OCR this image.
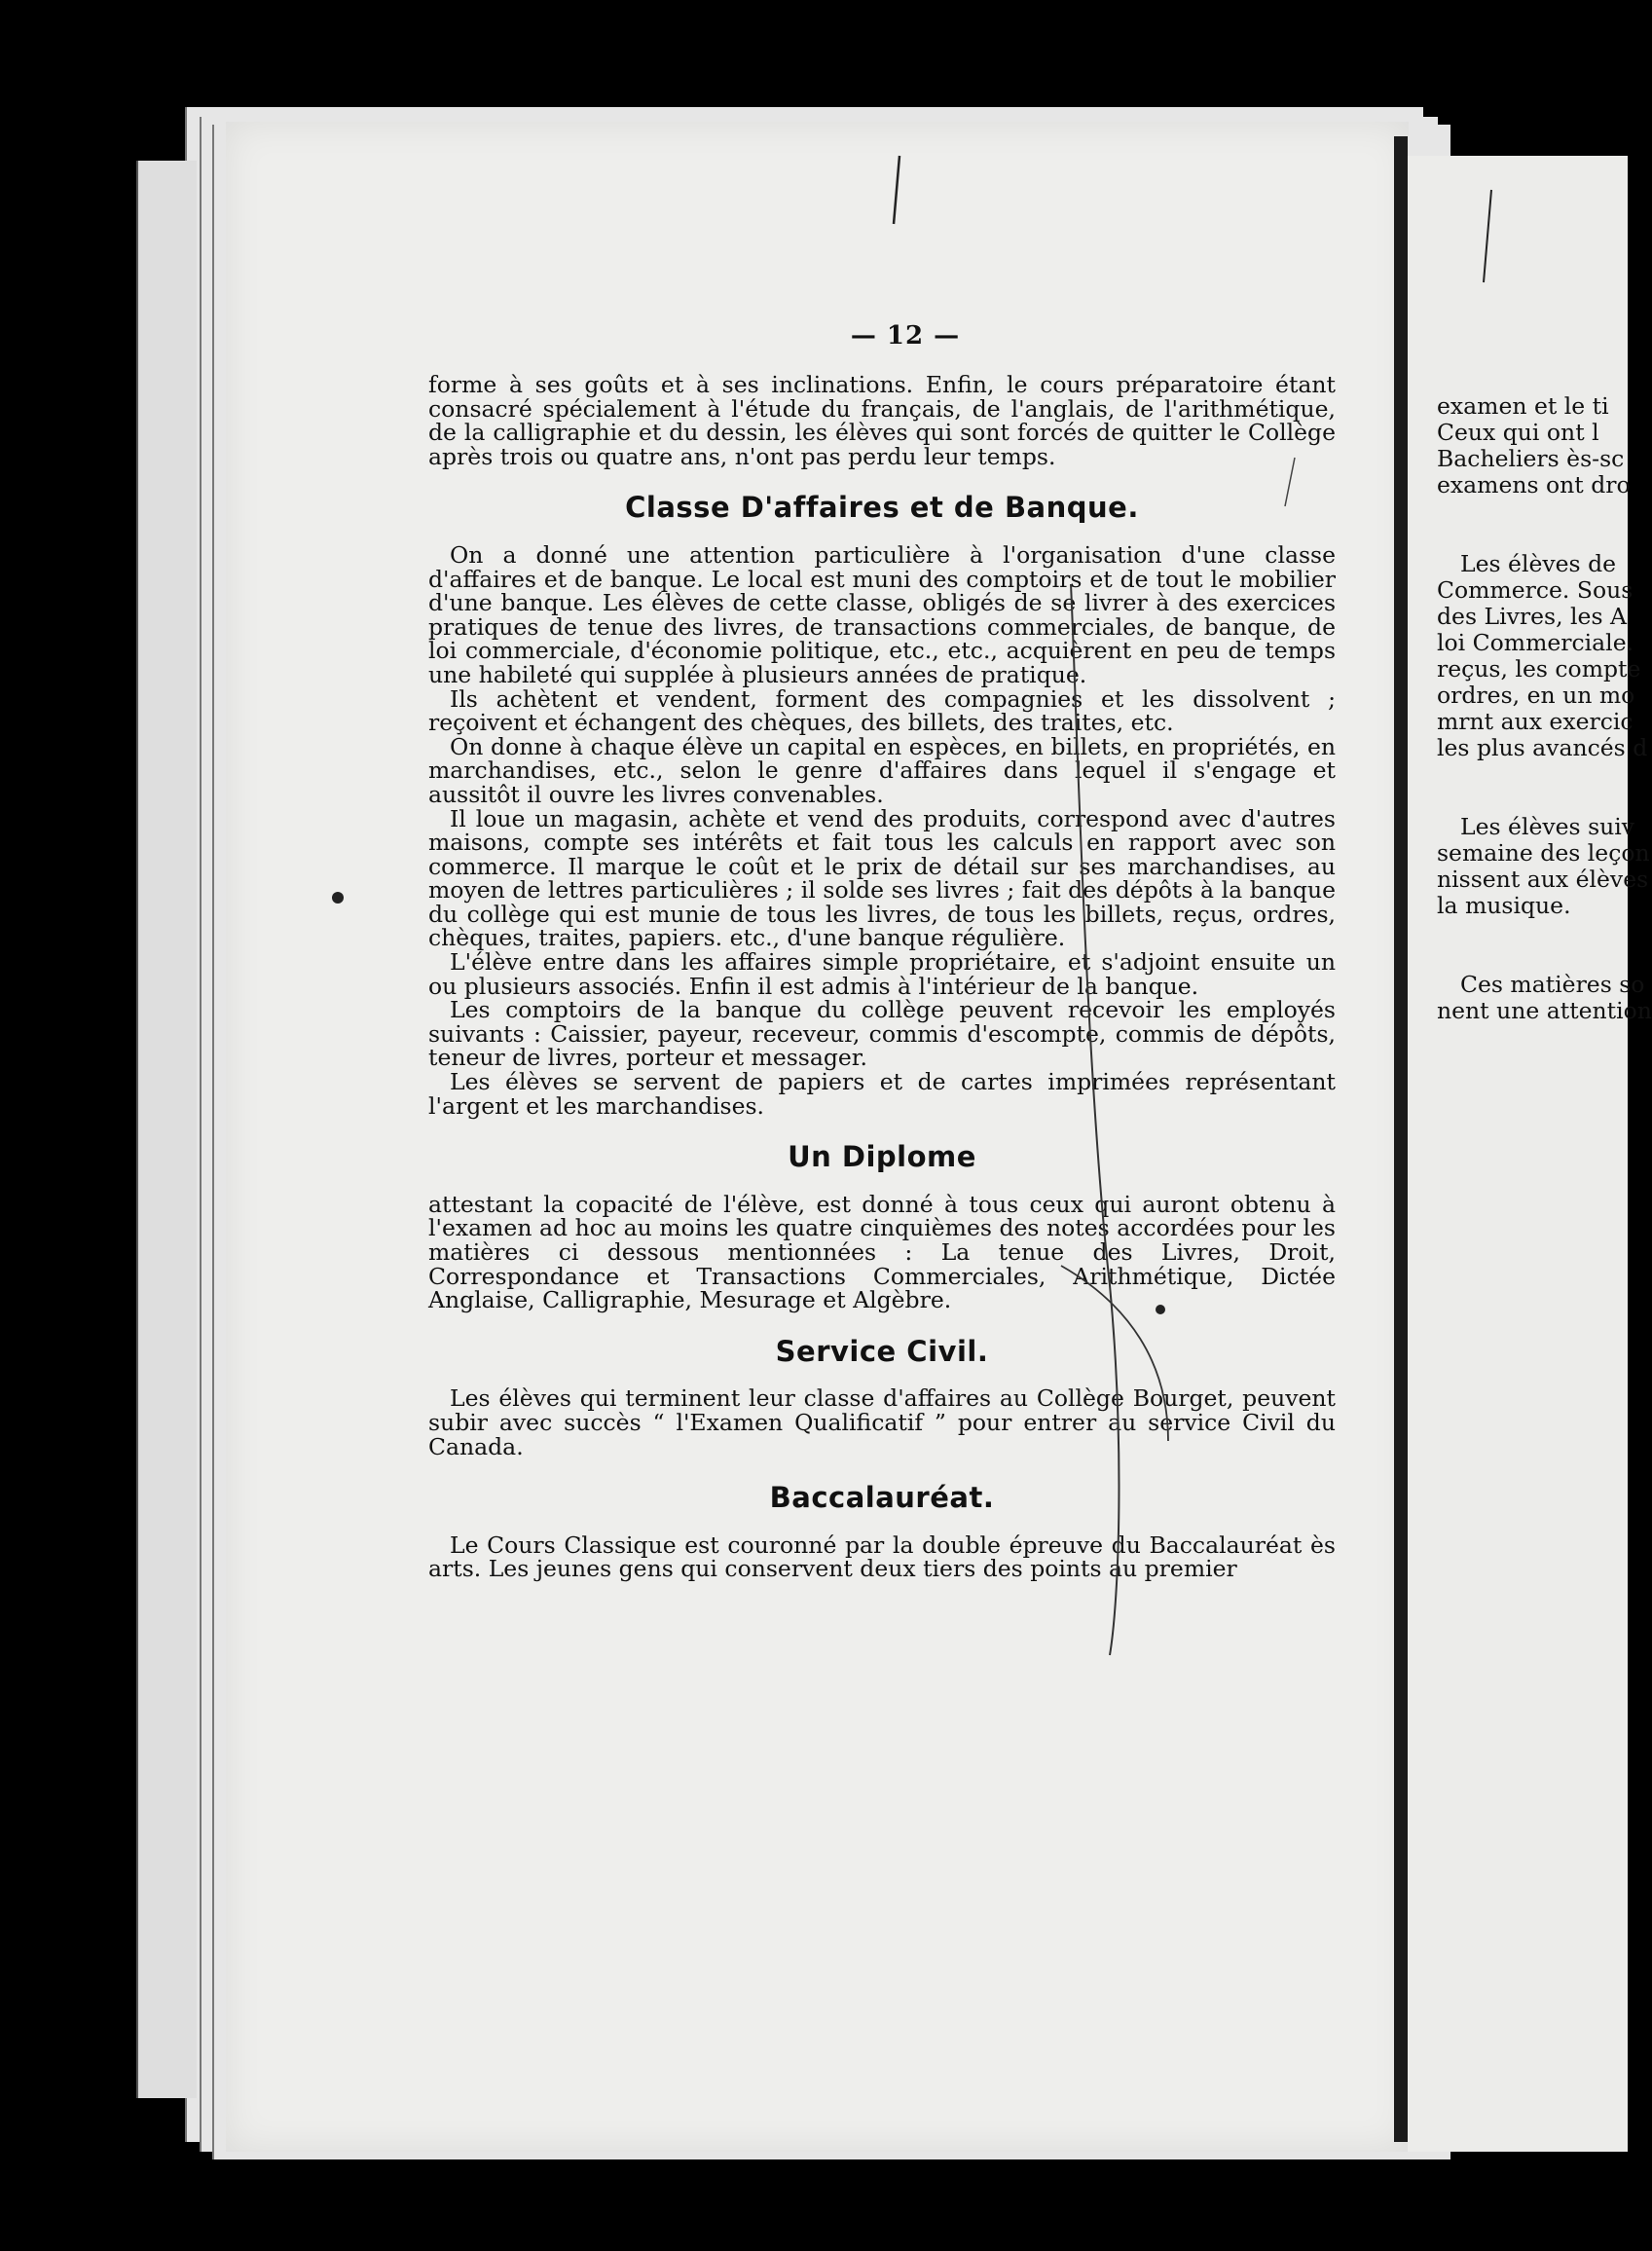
— 12 —

forme à ses goûts et à ses inclinations. Enfin, le cours préparatoire étant consacré spécialement à l'étude du français, de l'anglais, de l'arithmétique, de la calligraphie et du dessin, les élèves qui sont forcés de quitter le Collège après trois ou quatre ans, n'ont pas perdu leur temps.

Classe D'affaires et de Banque.

On a donné une attention particulière à l'organisation d'une classe d'affaires et de banque. Le local est muni des comptoirs et de tout le mobilier d'une banque. Les élèves de cette classe, obligés de se livrer à des exercices pratiques de tenue des livres, de transactions commerciales, de banque, de loi commerciale, d'économie politique, etc., etc., acquièrent en peu de temps une habileté qui supplée à plusieurs années de pratique.

Ils achètent et vendent, forment des compagnies et les dissolvent ; reçoivent et échangent des chèques, des billets, des traites, etc.

On donne à chaque élève un capital en espèces, en billets, en propriétés, en marchandises, etc., selon le genre d'affaires dans lequel il s'engage et aussitôt il ouvre les livres convenables.

Il loue un magasin, achète et vend des produits, correspond avec d'autres maisons, compte ses intérêts et fait tous les calculs en rapport avec son commerce. Il marque le coût et le prix de détail sur ses marchandises, au moyen de lettres particulières ; il solde ses livres ; fait des dépôts à la banque du collège qui est munie de tous les livres, de tous les billets, reçus, ordres, chèques, traites, papiers. etc., d'une banque régulière.

L'élève entre dans les affaires simple propriétaire, et s'adjoint ensuite un ou plusieurs associés. Enfin il est admis à l'intérieur de la banque.

Les comptoirs de la banque du collège peuvent recevoir les employés suivants : Caissier, payeur, receveur, commis d'escompte, commis de dépôts, teneur de livres, porteur et messager.

Les élèves se servent de papiers et de cartes imprimées représentant l'argent et les marchandises.

Un Diplome

attestant la copacité de l'élève, est donné à tous ceux qui auront obtenu à l'examen ad hoc au moins les quatre cinquièmes des notes accordées pour les matières ci dessous mentionnées : La tenue des Livres, Droit, Correspondance et Transactions Commerciales, Arithmétique, Dictée Anglaise, Calligraphie, Mesurage et Algèbre.

Service Civil.

Les élèves qui terminent leur classe d'affaires au Collège Bourget, peuvent subir avec succès “ l'Examen Qualificatif ” pour entrer au service Civil du Canada.

Baccalauréat.

Le Cours Classique est couronné par la double épreuve du Baccalauréat ès arts. Les jeunes gens qui conservent deux tiers des points au premier

examen et le ti
Ceux qui ont l
Bacheliers ès-sc
examens ont dro
Les élèves de
Commerce. Sous
des Livres, les A
loi Commerciale.
reçus, les compte
ordres, en un mo
mrnt aux exercic
les plus avancés d
Les élèves suiv
semaine des leçon
nissent aux élèves
la musique.
Ces matières so
nent une attention
